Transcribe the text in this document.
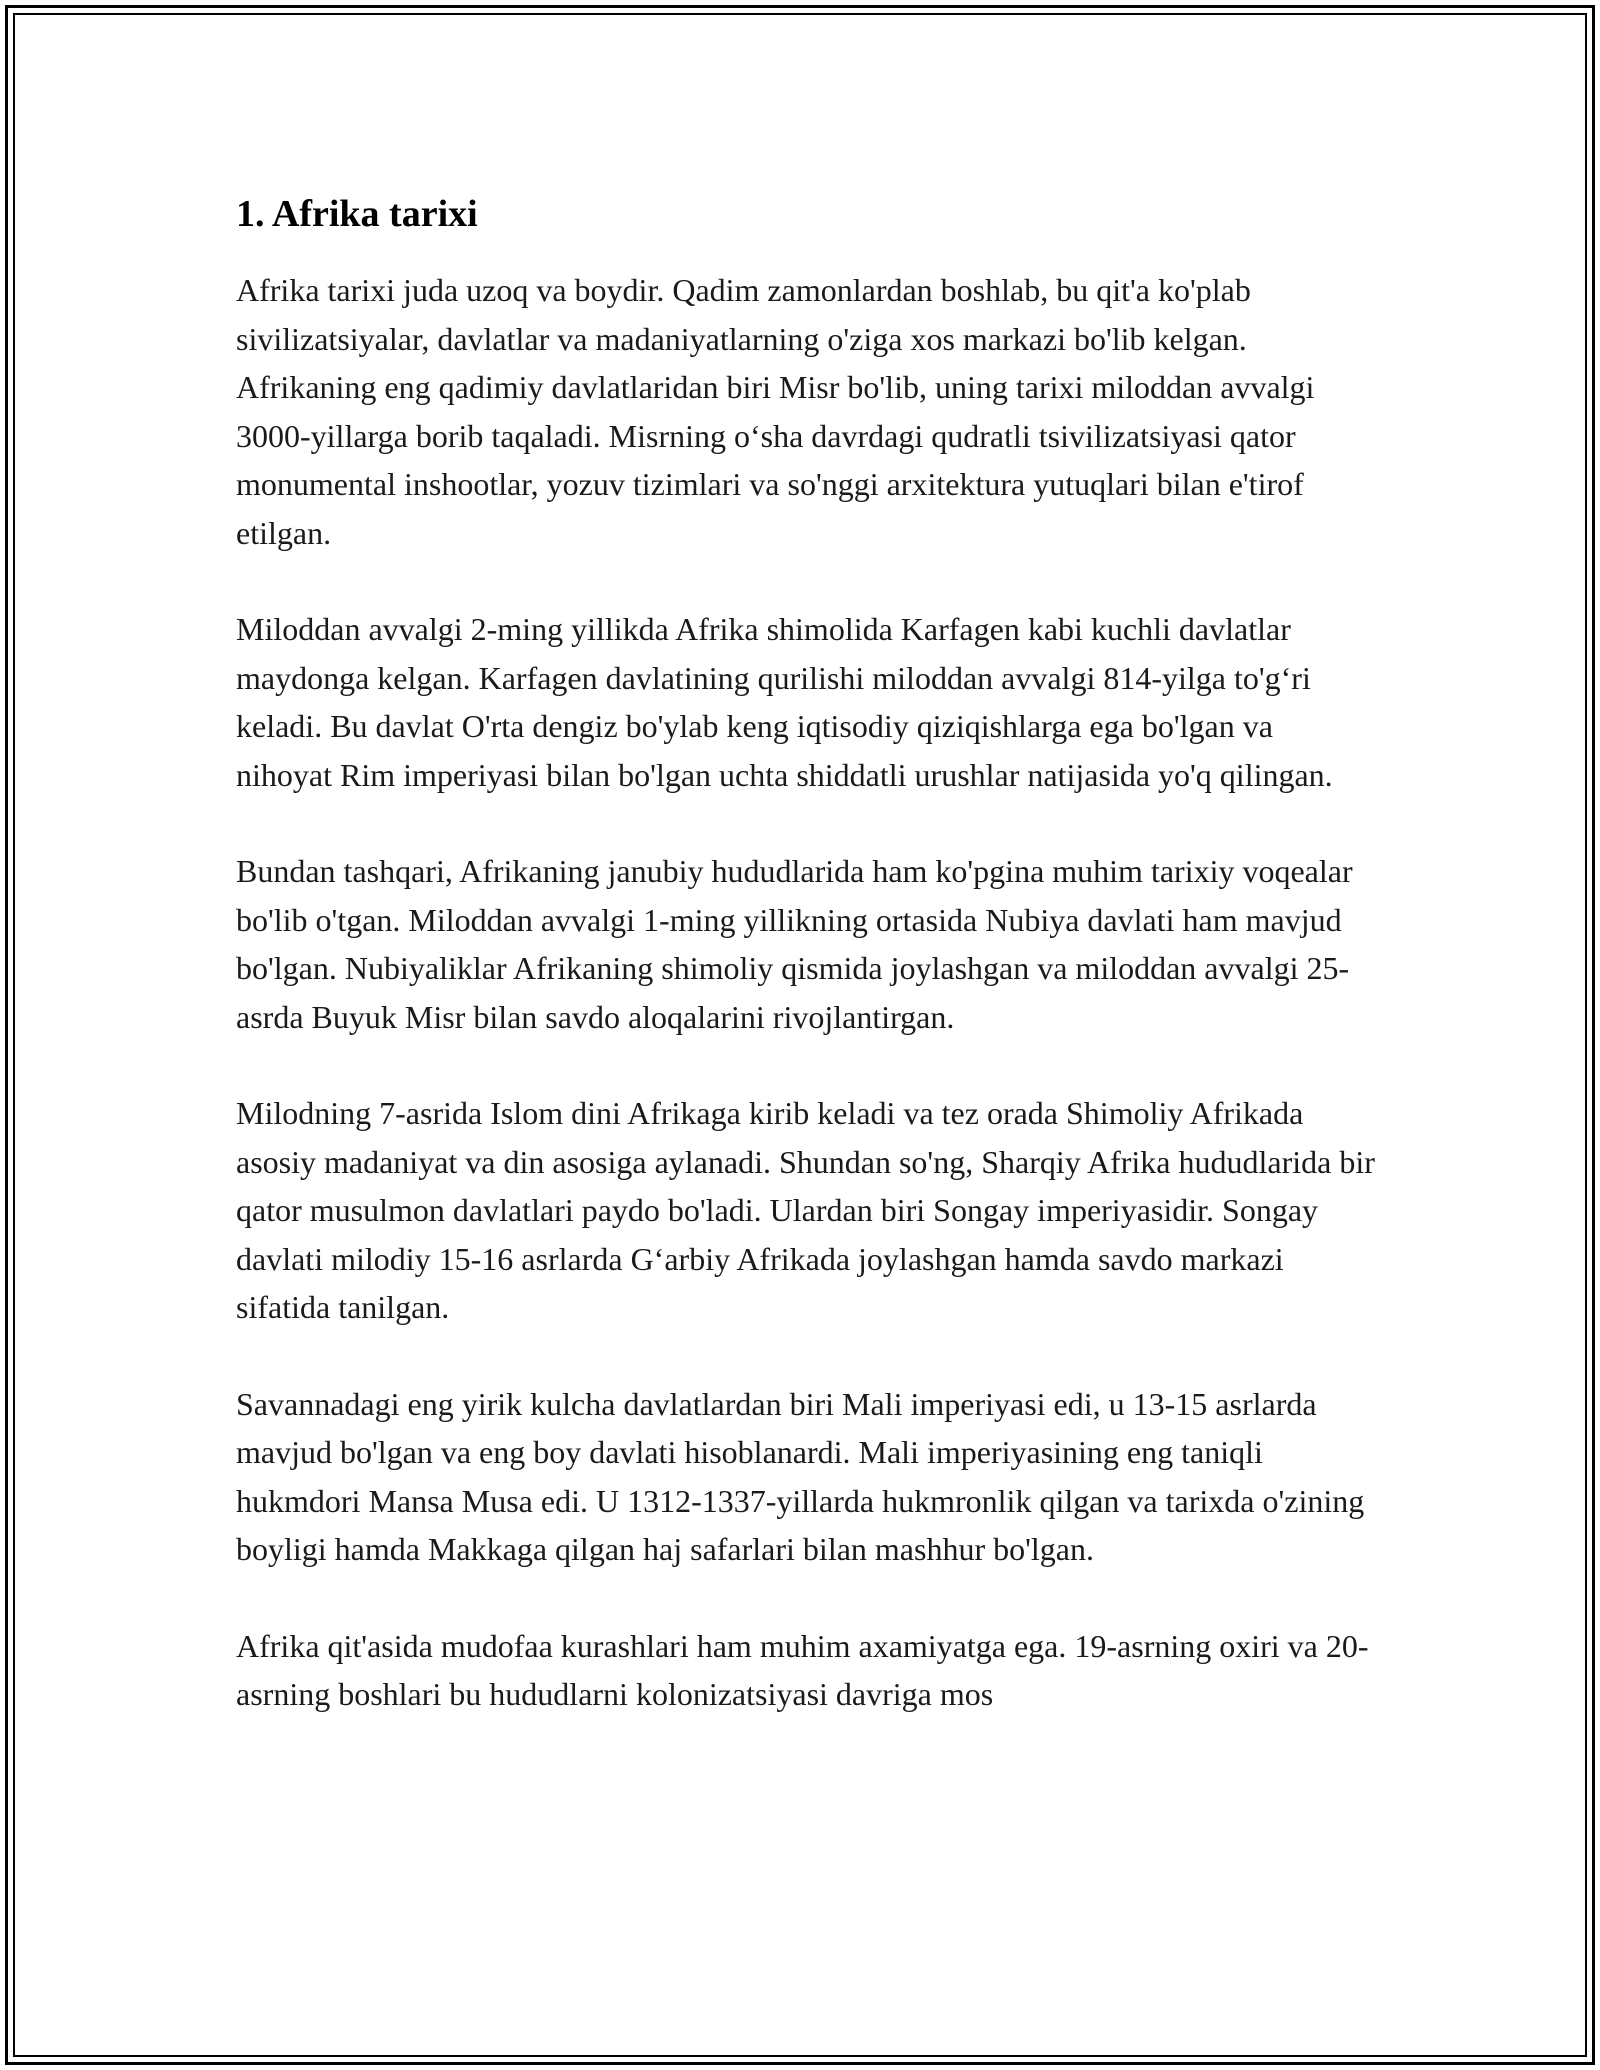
1. Afrika tarixi

Afrika tarixi juda uzoq va boydir. Qadim zamonlardan boshlab, bu qit'a ko'plab sivilizatsiyalar, davlatlar va madaniyatlarning o'ziga xos markazi bo'lib kelgan. Afrikaning eng qadimiy davlatlaridan biri Misr bo'lib, uning tarixi miloddan avvalgi 3000-yillarga borib taqaladi. Misrning o‘sha davrdagi qudratli tsivilizatsiyasi qator monumental inshootlar, yozuv tizimlari va so'nggi arxitektura yutuqlari bilan e'tirof etilgan.

Miloddan avvalgi 2-ming yillikda Afrika shimolida Karfagen kabi kuchli davlatlar maydonga kelgan. Karfagen davlatining qurilishi miloddan avvalgi 814-yilga to'g‘ri keladi. Bu davlat O'rta dengiz bo'ylab keng iqtisodiy qiziqishlarga ega bo'lgan va nihoyat Rim imperiyasi bilan bo'lgan uchta shiddatli urushlar natijasida yo'q qilingan.

Bundan tashqari, Afrikaning janubiy hududlarida ham ko'pgina muhim tarixiy voqealar bo'lib o'tgan. Miloddan avvalgi 1-ming yillikning ortasida Nubiya davlati ham mavjud bo'lgan. Nubiyaliklar Afrikaning shimoliy qismida joylashgan va miloddan avvalgi 25-asrda Buyuk Misr bilan savdo aloqalarini rivojlantirgan.

Milodning 7-asrida Islom dini Afrikaga kirib keladi va tez orada Shimoliy Afrikada asosiy madaniyat va din asosiga aylanadi. Shundan so'ng, Sharqiy Afrika hududlarida bir qator musulmon davlatlari paydo bo'ladi. Ulardan biri Songay imperiyasidir. Songay davlati milodiy 15-16 asrlarda G‘arbiy Afrikada joylashgan hamda savdo markazi sifatida tanilgan.

Savannadagi eng yirik kulcha davlatlardan biri Mali imperiyasi edi, u 13-15 asrlarda mavjud bo'lgan va eng boy davlati hisoblanardi. Mali imperiyasining eng taniqli hukmdori Mansa Musa edi. U 1312-1337-yillarda hukmronlik qilgan va tarixda o'zining boyligi hamda Makkaga qilgan haj safarlari bilan mashhur bo'lgan.

Afrika qit'asida mudofaa kurashlari ham muhim axamiyatga ega. 19-asrning oxiri va 20-asrning boshlari bu hududlarni kolonizatsiyasi davriga mos
